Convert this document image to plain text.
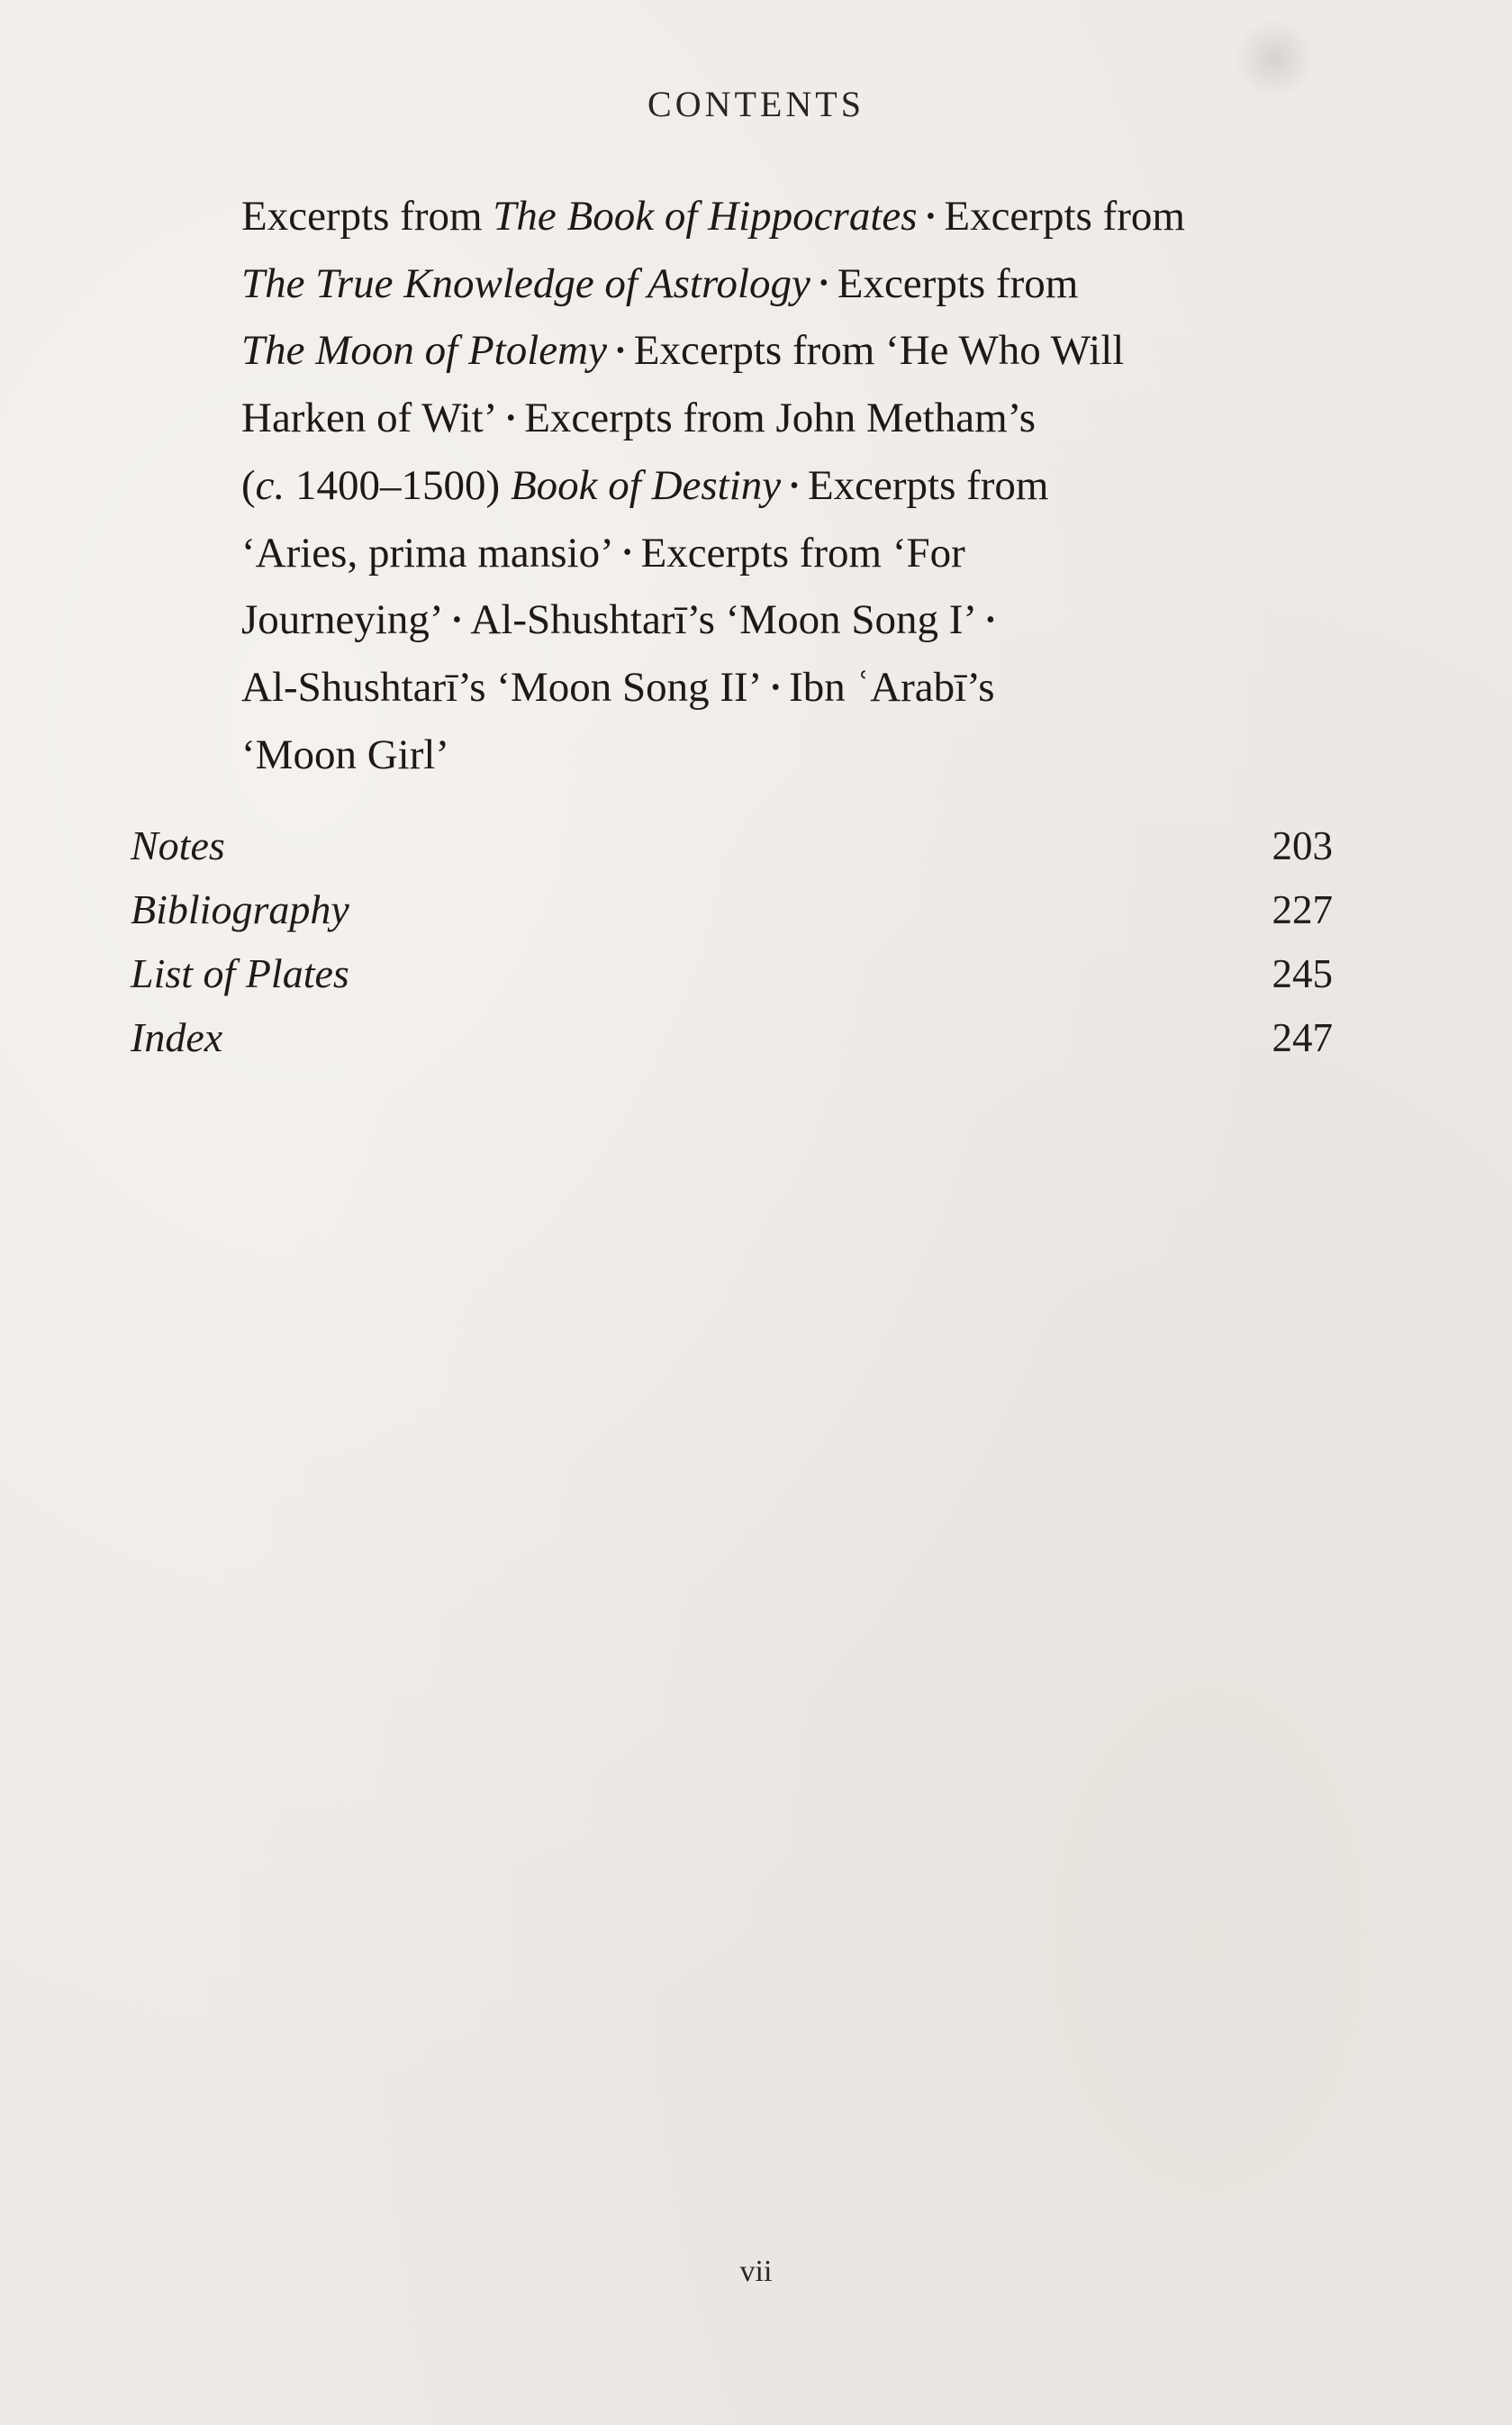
CONTENTS
Excerpts from The Book of Hippocrates • Excerpts from
The True Knowledge of Astrology • Excerpts from
The Moon of Ptolemy • Excerpts from ‘He Who Will
Harken of Wit’ • Excerpts from John Metham’s
(c. 1400–1500) Book of Destiny • Excerpts from
‘Aries, prima mansio’ • Excerpts from ‘For
Journeying’ • Al-Shushtarī’s ‘Moon Song I’ •
Al-Shushtarī’s ‘Moon Song II’ • Ibn ʿArabī’s
‘Moon Girl’
Notes	203
Bibliography	227
List of Plates	245
Index	247
vii
